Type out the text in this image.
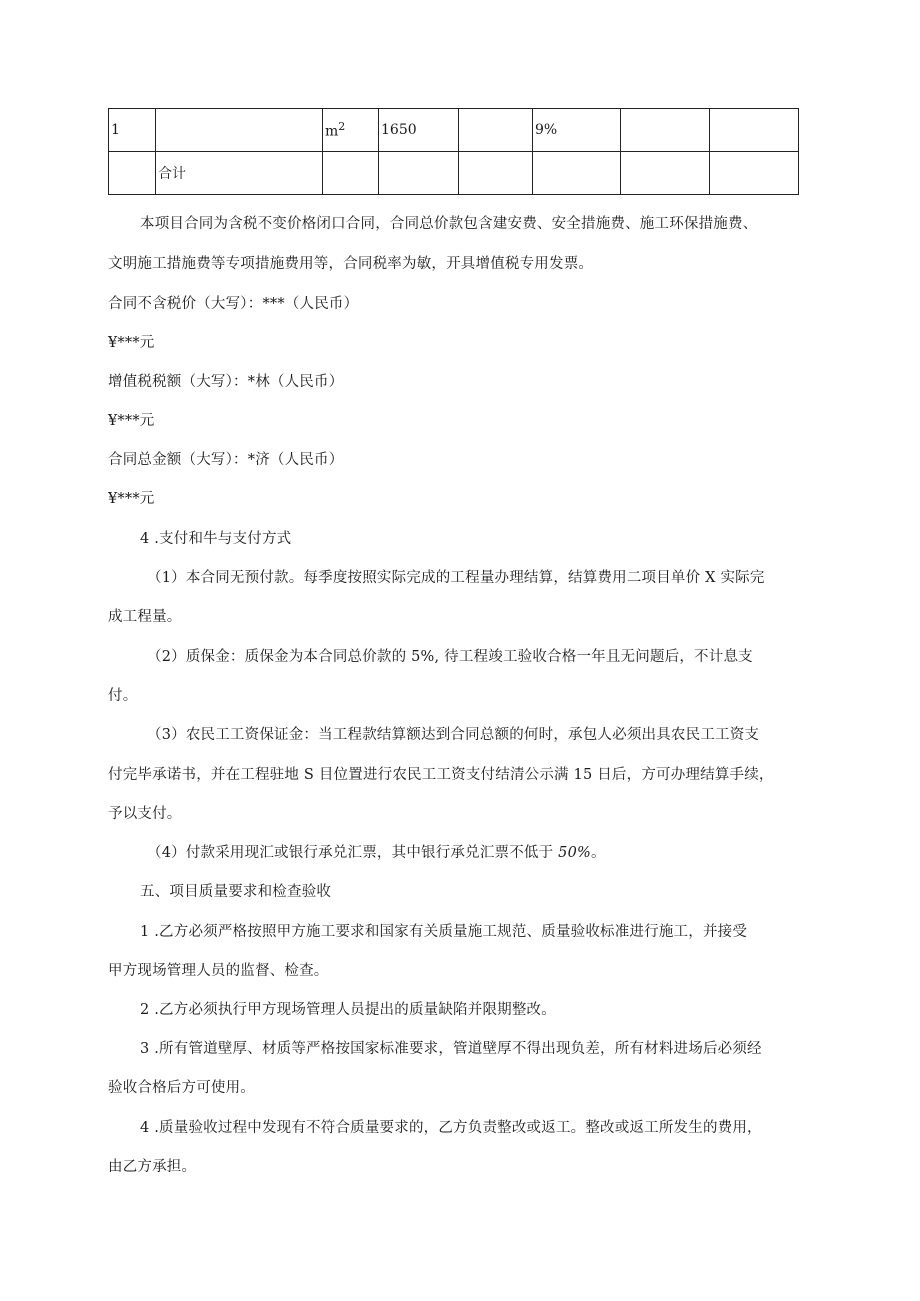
1		$m^2$	1650		9%		
	合计						
本项目合同为含税不变价格闭口合同，合同总价款包含建安费、安全措施费、施工环保措施费、
文明施工措施费等专项措施费用等，合同税率为敏，开具增值税专用发票。
合同不含税价（大写）：***（人民币）
¥***元
增值税税额（大写）：*林（人民币）
¥***元
合同总金额（大写）：*济（人民币）
¥***元
4 .支付和牛与支付方式
（1）本合同无预付款。每季度按照实际完成的工程量办理结算，结算费用二项目单价 X 实际完
成工程量。
（2）质保金：质保金为本合同总价款的 5%, 待工程竣工验收合格一年且无问题后，不计息支
付。
（3）农民工工资保证金：当工程款结算额达到合同总额的何时，承包人必须出具农民工工资支
付完毕承诺书，并在工程驻地 S 目位置进行农民工工资支付结清公示满 15 日后，方可办理结算手续，
予以支付。
（4）付款采用现汇或银行承兑汇票，其中银行承兑汇票不低于 50%。
五、项目质量要求和检查验收
1 .乙方必须严格按照甲方施工要求和国家有关质量施工规范、质量验收标准进行施工，并接受
甲方现场管理人员的监督、检查。
2 .乙方必须执行甲方现场管理人员提出的质量缺陷并限期整改。
3 .所有管道壁厚、材质等严格按国家标准要求，管道壁厚不得出现负差，所有材料进场后必须经
验收合格后方可使用。
4 .质量验收过程中发现有不符合质量要求的，乙方负责整改或返工。整改或返工所发生的费用，
由乙方承担。
